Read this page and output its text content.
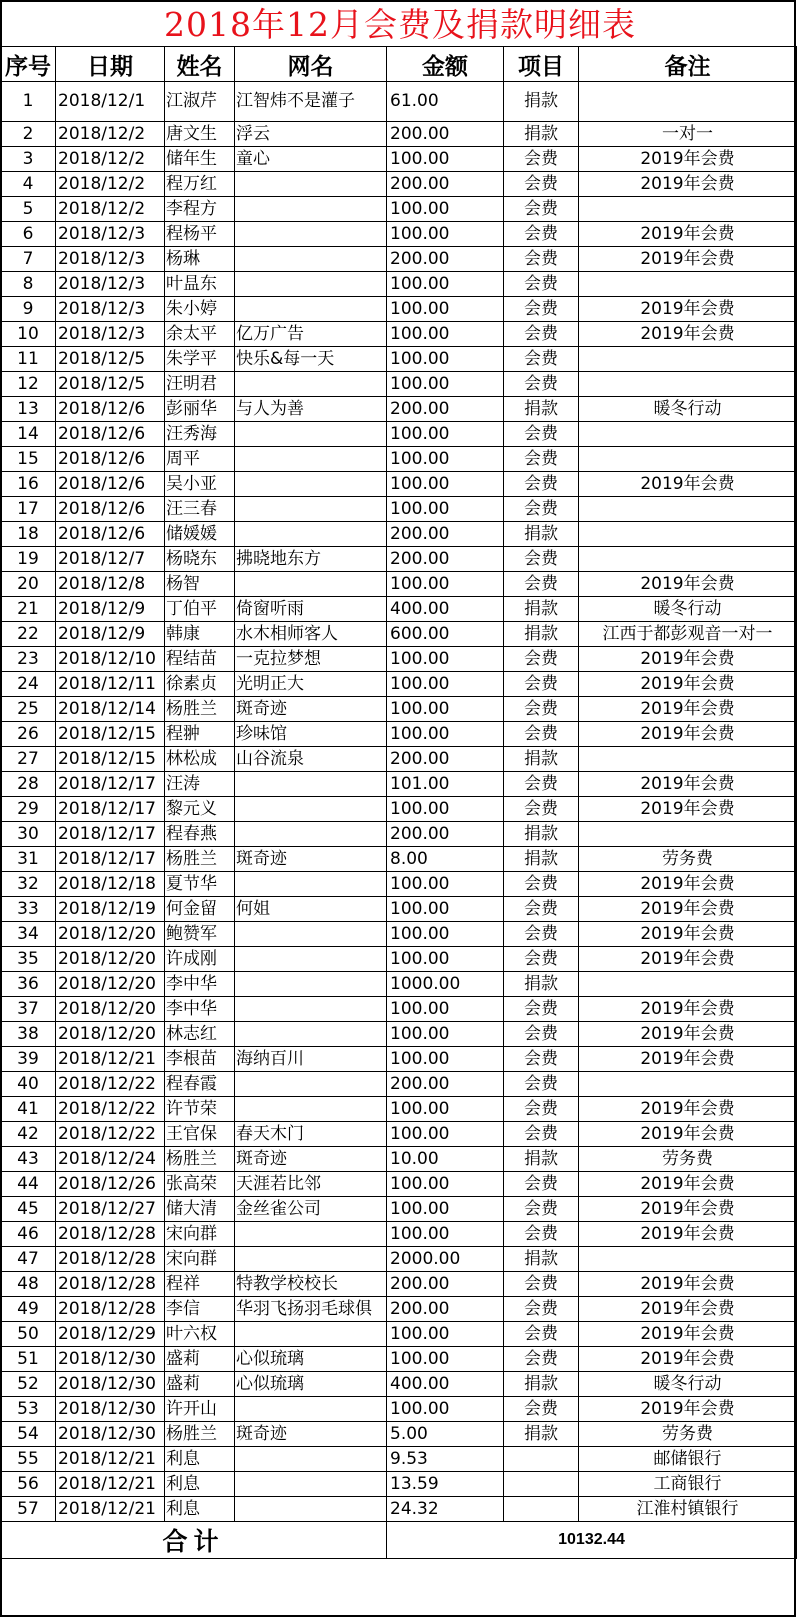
2018年12月会费及捐款明细表
序号	日期	姓名	网名	金额	项目	备注
1	2018/12/1	江淑芹	江智炜不是灌子	61.00	捐款	
2	2018/12/2	唐文生	浮云	200.00	捐款	一对一
3	2018/12/2	储年生	童心	100.00	会费	2019年会费
4	2018/12/2	程万红		200.00	会费	2019年会费
5	2018/12/2	李程方		100.00	会费	
6	2018/12/3	程杨平		100.00	会费	2019年会费
7	2018/12/3	杨琳		200.00	会费	2019年会费
8	2018/12/3	叶昷东		100.00	会费	
9	2018/12/3	朱小婷		100.00	会费	2019年会费
10	2018/12/3	余太平	亿万广告	100.00	会费	2019年会费
11	2018/12/5	朱学平	快乐&每一天	100.00	会费	
12	2018/12/5	汪明君		100.00	会费	
13	2018/12/6	彭丽华	与人为善	200.00	捐款	暖冬行动
14	2018/12/6	汪秀海		100.00	会费	
15	2018/12/6	周平		100.00	会费	
16	2018/12/6	吴小亚		100.00	会费	2019年会费
17	2018/12/6	汪三春		100.00	会费	
18	2018/12/6	储媛媛		200.00	捐款	
19	2018/12/7	杨晓东	拂晓地东方	200.00	会费	
20	2018/12/8	杨智		100.00	会费	2019年会费
21	2018/12/9	丁伯平	倚窗听雨	400.00	捐款	暖冬行动
22	2018/12/9	韩康	水木相师客人	600.00	捐款	江西于都彭观音一对一
23	2018/12/10	程结苗	一克拉梦想	100.00	会费	2019年会费
24	2018/12/11	徐素贞	光明正大	100.00	会费	2019年会费
25	2018/12/14	杨胜兰	斑奇迹	100.00	会费	2019年会费
26	2018/12/15	程翀	珍味馆	100.00	会费	2019年会费
27	2018/12/15	林松成	山谷流泉	200.00	捐款	
28	2018/12/17	汪涛		101.00	会费	2019年会费
29	2018/12/17	黎元义		100.00	会费	2019年会费
30	2018/12/17	程春燕		200.00	捐款	
31	2018/12/17	杨胜兰	斑奇迹	8.00	捐款	劳务费
32	2018/12/18	夏节华		100.00	会费	2019年会费
33	2018/12/19	何金留	何姐	100.00	会费	2019年会费
34	2018/12/20	鲍赞军		100.00	会费	2019年会费
35	2018/12/20	许成刚		100.00	会费	2019年会费
36	2018/12/20	李中华		1000.00	捐款	
37	2018/12/20	李中华		100.00	会费	2019年会费
38	2018/12/20	林志红		100.00	会费	2019年会费
39	2018/12/21	李根苗	海纳百川	100.00	会费	2019年会费
40	2018/12/22	程春霞		200.00	会费	
41	2018/12/22	许节荣		100.00	会费	2019年会费
42	2018/12/22	王官保	春天木门	100.00	会费	2019年会费
43	2018/12/24	杨胜兰	斑奇迹	10.00	捐款	劳务费
44	2018/12/26	张高荣	天涯若比邻	100.00	会费	2019年会费
45	2018/12/27	储大清	金丝雀公司	100.00	会费	2019年会费
46	2018/12/28	宋向群		100.00	会费	2019年会费
47	2018/12/28	宋向群		2000.00	捐款	
48	2018/12/28	程祥	特教学校校长	200.00	会费	2019年会费
49	2018/12/28	李信	华羽飞扬羽毛球俱	200.00	会费	2019年会费
50	2018/12/29	叶六权		100.00	会费	2019年会费
51	2018/12/30	盛莉	心似琉璃	100.00	会费	2019年会费
52	2018/12/30	盛莉	心似琉璃	400.00	捐款	暖冬行动
53	2018/12/30	许开山		100.00	会费	2019年会费
54	2018/12/30	杨胜兰	斑奇迹	5.00	捐款	劳务费
55	2018/12/21	利息		9.53		邮储银行
56	2018/12/21	利息		13.59		工商银行
57	2018/12/21	利息		24.32		江淮村镇银行
合计				10132.44		
